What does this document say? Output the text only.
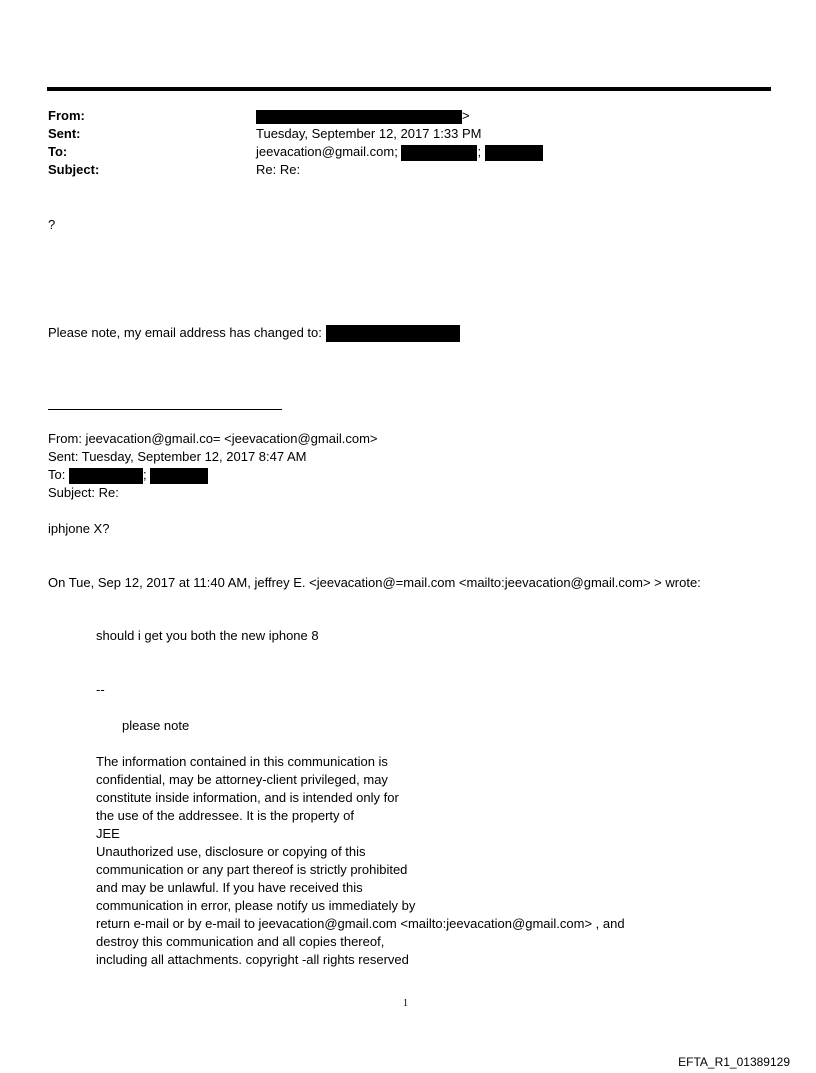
From:	>
Sent:	Tuesday, September 12, 2017 1:33 PM
To:	jeevacation@gmail.com;	;
Subject:	Re: Re:
?
Please note, my email address has changed to:
From: jeevacation@gmail.co= <jeevacation@gmail.com>
Sent: Tuesday, September 12, 2017 8:47 AM
To:	;
Subject: Re:
iphjone X?
On Tue, Sep 12, 2017 at 11:40 AM, jeffrey E. <jeevacation@=mail.com <mailto:jeevacation@gmail.com> > wrote:
should i get you both the new iphone 8
--
please note
The information contained in this communication is
confidential, may be attorney-client privileged, may
constitute inside information, and is intended only for
the use of the addressee. It is the property of
JEE
Unauthorized use, disclosure or copying of this
communication or any part thereof is strictly prohibited
and may be unlawful. If you have received this
communication in error, please notify us immediately by
return e-mail or by e-mail to jeevacation@gmail.com <mailto:jeevacation@gmail.com> , and
destroy this communication and all copies thereof,
including all attachments. copyright -all rights reserved
1
EFTA_R1_01389129
